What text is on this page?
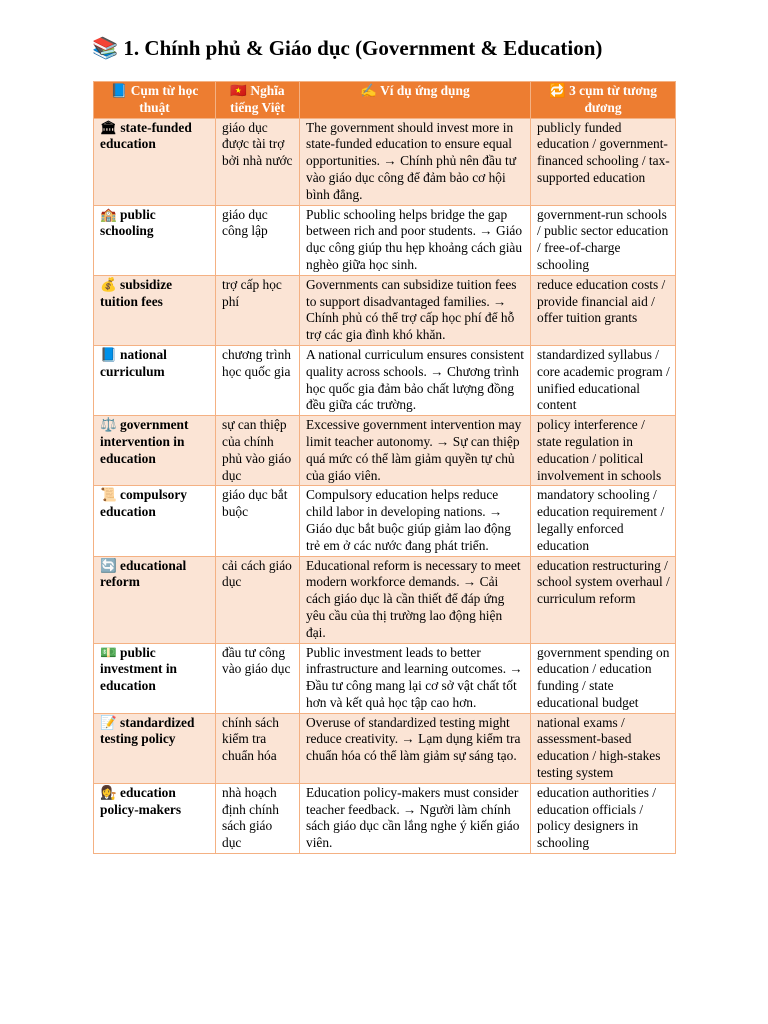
📚 1. Chính phủ & Giáo dục (Government & Education)
📘 Cụm từ học thuật	🇻🇳 Nghĩa tiếng Việt	✍️ Ví dụ ứng dụng	🔁 3 cụm từ tương đương
🏛 state-funded education	giáo dục được tài trợ bởi nhà nước	The government should invest more in state-funded education to ensure equal opportunities. → Chính phủ nên đầu tư vào giáo dục công để đảm bảo cơ hội bình đẳng.	publicly funded education / government-financed schooling / tax-supported education
🏫 public schooling	giáo dục công lập	Public schooling helps bridge the gap between rich and poor students. → Giáo dục công giúp thu hẹp khoảng cách giàu nghèo giữa học sinh.	government-run schools / public sector education / free-of-charge schooling
💰 subsidize tuition fees	trợ cấp học phí	Governments can subsidize tuition fees to support disadvantaged families. → Chính phủ có thể trợ cấp học phí để hỗ trợ các gia đình khó khăn.	reduce education costs / provide financial aid / offer tuition grants
📘 national curriculum	chương trình học quốc gia	A national curriculum ensures consistent quality across schools. → Chương trình học quốc gia đảm bảo chất lượng đồng đều giữa các trường.	standardized syllabus / core academic program / unified educational content
⚖️ government intervention in education	sự can thiệp của chính phủ vào giáo dục	Excessive government intervention may limit teacher autonomy. → Sự can thiệp quá mức có thể làm giảm quyền tự chủ của giáo viên.	policy interference / state regulation in education / political involvement in schools
📜 compulsory education	giáo dục bắt buộc	Compulsory education helps reduce child labor in developing nations. → Giáo dục bắt buộc giúp giảm lao động trẻ em ở các nước đang phát triển.	mandatory schooling / education requirement / legally enforced education
🔄 educational reform	cải cách giáo dục	Educational reform is necessary to meet modern workforce demands. → Cải cách giáo dục là cần thiết để đáp ứng yêu cầu của thị trường lao động hiện đại.	education restructuring / school system overhaul / curriculum reform
💵 public investment in education	đầu tư công vào giáo dục	Public investment leads to better infrastructure and learning outcomes. → Đầu tư công mang lại cơ sở vật chất tốt hơn và kết quả học tập cao hơn.	government spending on education / education funding / state educational budget
📝 standardized testing policy	chính sách kiểm tra chuẩn hóa	Overuse of standardized testing might reduce creativity. → Lạm dụng kiểm tra chuẩn hóa có thể làm giảm sự sáng tạo.	national exams / assessment-based education / high-stakes testing system
👩‍⚖️ education policy-makers	nhà hoạch định chính sách giáo dục	Education policy-makers must consider teacher feedback. → Người làm chính sách giáo dục cần lắng nghe ý kiến giáo viên.	education authorities / education officials / policy designers in schooling
